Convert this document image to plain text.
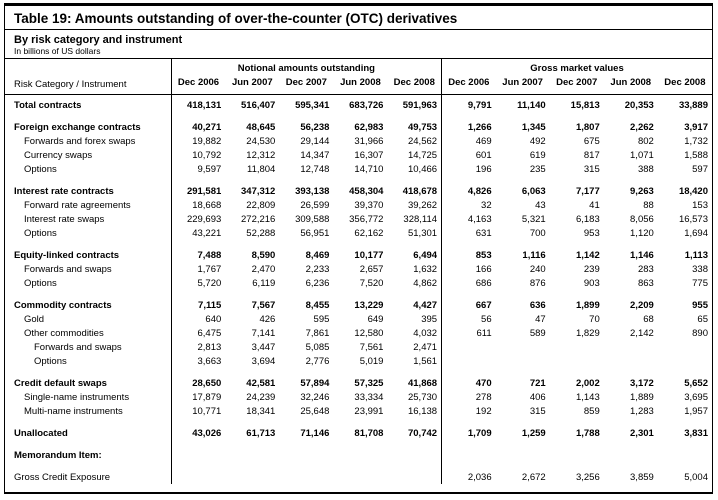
Table 19: Amounts outstanding of over-the-counter (OTC) derivatives
By risk category and instrument
In billions of US dollars
	Notional amounts outstanding					Gross market values				
Risk Category / Instrument	Dec 2006	Jun 2007	Dec 2007	Jun 2008	Dec 2008	Dec 2006	Jun 2007	Dec 2007	Jun 2008	Dec 2008
Total contracts	418,131	516,407	595,341	683,726	591,963	9,791	11,140	15,813	20,353	33,889
Foreign exchange contracts	40,271	48,645	56,238	62,983	49,753	1,266	1,345	1,807	2,262	3,917
Forwards and forex swaps	19,882	24,530	29,144	31,966	24,562	469	492	675	802	1,732
Currency swaps	10,792	12,312	14,347	16,307	14,725	601	619	817	1,071	1,588
Options	9,597	11,804	12,748	14,710	10,466	196	235	315	388	597
Interest rate contracts	291,581	347,312	393,138	458,304	418,678	4,826	6,063	7,177	9,263	18,420
Forward rate agreements	18,668	22,809	26,599	39,370	39,262	32	43	41	88	153
Interest rate swaps	229,693	272,216	309,588	356,772	328,114	4,163	5,321	6,183	8,056	16,573
Options	43,221	52,288	56,951	62,162	51,301	631	700	953	1,120	1,694
Equity-linked contracts	7,488	8,590	8,469	10,177	6,494	853	1,116	1,142	1,146	1,113
Forwards and swaps	1,767	2,470	2,233	2,657	1,632	166	240	239	283	338
Options	5,720	6,119	6,236	7,520	4,862	686	876	903	863	775
Commodity contracts	7,115	7,567	8,455	13,229	4,427	667	636	1,899	2,209	955
Gold	640	426	595	649	395	56	47	70	68	65
Other commodities	6,475	7,141	7,861	12,580	4,032	611	589	1,829	2,142	890
Forwards and swaps	2,813	3,447	5,085	7,561	2,471					
Options	3,663	3,694	2,776	5,019	1,561					
Credit default swaps	28,650	42,581	57,894	57,325	41,868	470	721	2,002	3,172	5,652
Single-name instruments	17,879	24,239	32,246	33,334	25,730	278	406	1,143	1,889	3,695
Multi-name instruments	10,771	18,341	25,648	23,991	16,138	192	315	859	1,283	1,957
Unallocated	43,026	61,713	71,146	81,708	70,742	1,709	1,259	1,788	2,301	3,831
Memorandum Item:										
Gross Credit Exposure						2,036	2,672	3,256	3,859	5,004
